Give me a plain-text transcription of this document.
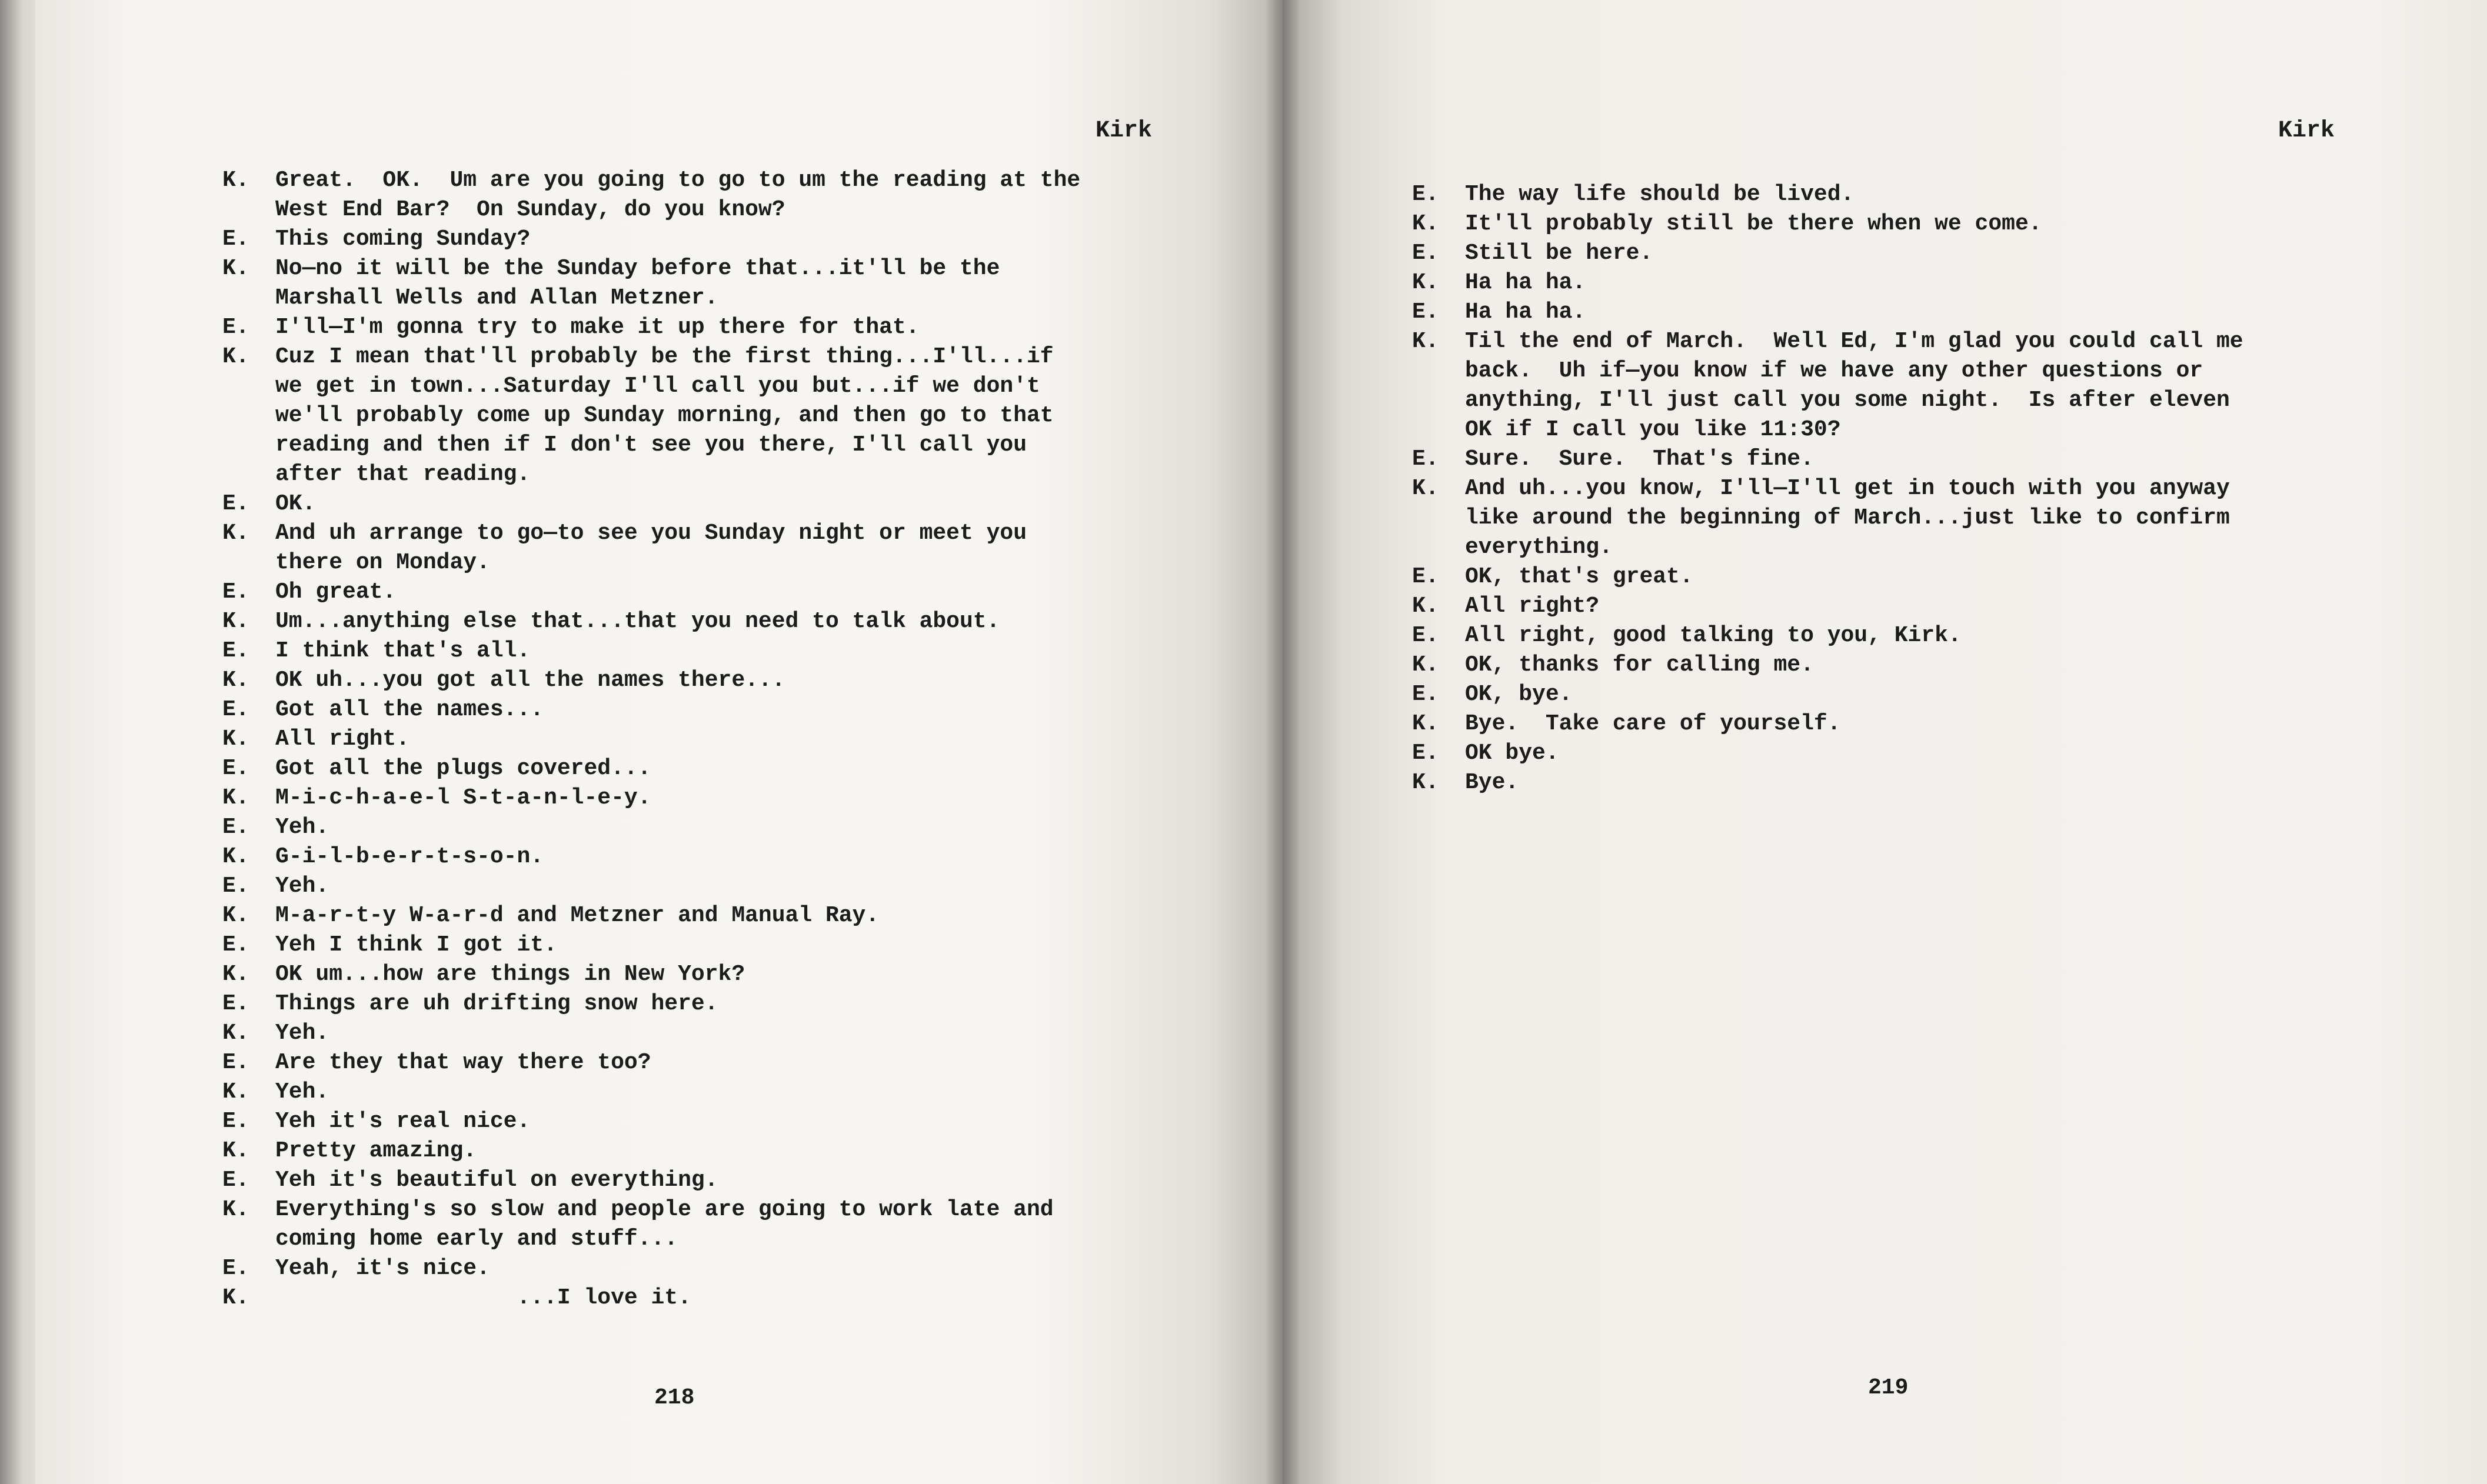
Kirk
K.	Great.  OK.  Um are you going to go to um the reading at the
West End Bar?  On Sunday, do you know?
E.	This coming Sunday?
K.	No—no it will be the Sunday before that...it'll be the
Marshall Wells and Allan Metzner.
E.	I'll—I'm gonna try to make it up there for that.
K.	Cuz I mean that'll probably be the first thing...I'll...if
we get in town...Saturday I'll call you but...if we don't
we'll probably come up Sunday morning, and then go to that
reading and then if I don't see you there, I'll call you
after that reading.
E.	OK.
K.	And uh arrange to go—to see you Sunday night or meet you
there on Monday.
E.	Oh great.
K.	Um...anything else that...that you need to talk about.
E.	I think that's all.
K.	OK uh...you got all the names there...
E.	Got all the names...
K.	All right.
E.	Got all the plugs covered...
K.	M-i-c-h-a-e-l S-t-a-n-l-e-y.
E.	Yeh.
K.	G-i-l-b-e-r-t-s-o-n.
E.	Yeh.
K.	M-a-r-t-y W-a-r-d and Metzner and Manual Ray.
E.	Yeh I think I got it.
K.	OK um...how are things in New York?
E.	Things are uh drifting snow here.
K.	Yeh.
E.	Are they that way there too?
K.	Yeh.
E.	Yeh it's real nice.
K.	Pretty amazing.
E.	Yeh it's beautiful on everything.
K.	Everything's so slow and people are going to work late and
coming home early and stuff...
E.	Yeah, it's nice.
K.	...I love it.
218
Kirk
E.	The way life should be lived.
K.	It'll probably still be there when we come.
E.	Still be here.
K.	Ha ha ha.
E.	Ha ha ha.
K.	Til the end of March.  Well Ed, I'm glad you could call me
back.  Uh if—you know if we have any other questions or
anything, I'll just call you some night.  Is after eleven
OK if I call you like 11:30?
E.	Sure.  Sure.  That's fine.
K.	And uh...you know, I'll—I'll get in touch with you anyway
like around the beginning of March...just like to confirm
everything.
E.	OK, that's great.
K.	All right?
E.	All right, good talking to you, Kirk.
K.	OK, thanks for calling me.
E.	OK, bye.
K.	Bye.  Take care of yourself.
E.	OK bye.
K.	Bye.
219
